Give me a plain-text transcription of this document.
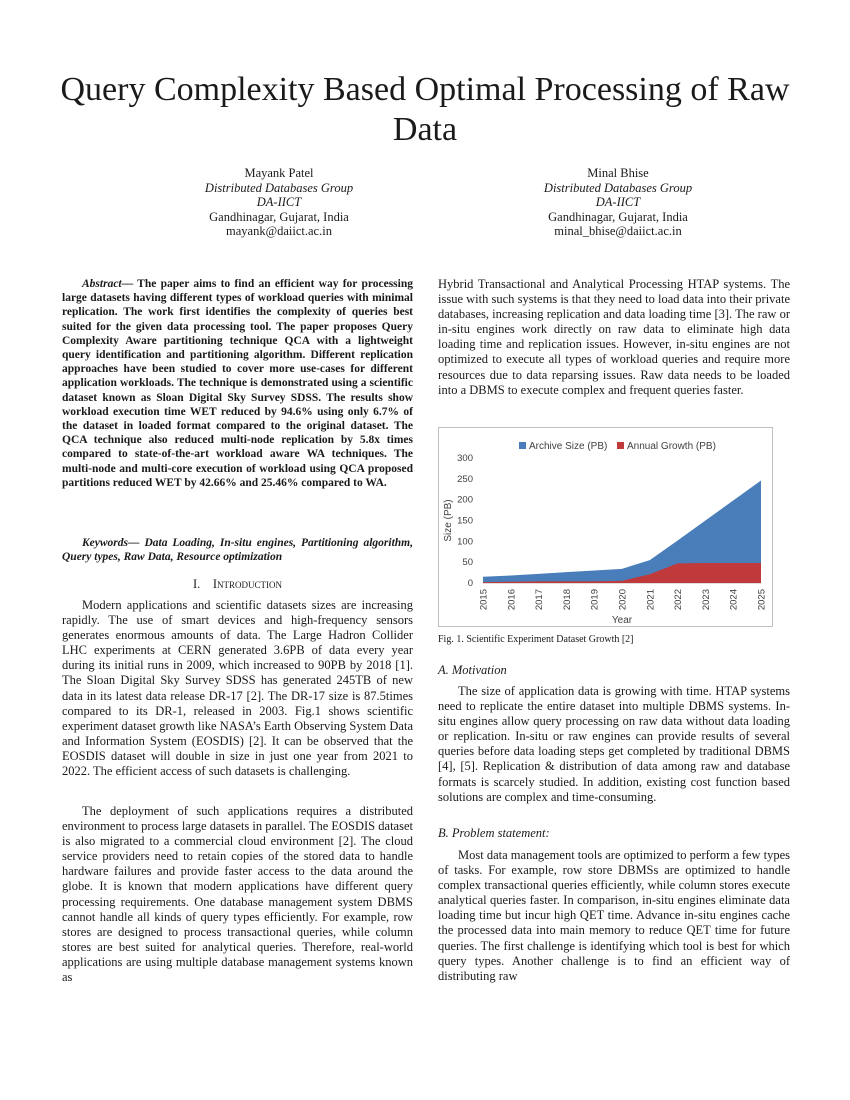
Query Complexity Based Optimal Processing of Raw Data
Mayank Patel
Distributed Databases Group
DA-IICT
Gandhinagar, Gujarat, India
mayank@daiict.ac.in
Minal Bhise
Distributed Databases Group
DA-IICT
Gandhinagar, Gujarat, India
minal_bhise@daiict.ac.in

Abstract— The paper aims to find an efficient way for processing large datasets having different types of workload queries with minimal replication. The work first identifies the complexity of queries best suited for the given data processing tool. The paper proposes Query Complexity Aware partitioning technique QCA with a lightweight query identification and partitioning algorithm. Different replication approaches have been studied to cover more use-cases for different application workloads. The technique is demonstrated using a scientific dataset known as Sloan Digital Sky Survey SDSS. The results show workload execution time WET reduced by 94.6% using only 6.7% of the dataset in loaded format compared to the original dataset. The QCA technique also reduced multi-node replication by 5.8x times compared to state-of-the-art workload aware WA techniques. The multi-node and multi-core execution of workload using QCA proposed partitions reduced WET by 42.66% and 25.46% compared to WA.

Keywords— Data Loading, In-situ engines, Partitioning algorithm, Query types, Raw Data, Resource optimization

I. Introduction

Modern applications and scientific datasets sizes are increasing rapidly. The use of smart devices and high-frequency sensors generates enormous amounts of data. The Large Hadron Collider LHC experiments at CERN generated 3.6PB of data every year during its initial runs in 2009, which increased to 90PB by 2018 [1]. The Sloan Digital Sky Survey SDSS has generated 245TB of new data in its latest data release DR-17 [2]. The DR-17 size is 87.5times compared to its DR-1, released in 2003. Fig.1 shows scientific experiment dataset growth like NASA’s Earth Observing System Data and Information System (EOSDIS) [2]. It can be observed that the EOSDIS dataset will double in size in just one year from 2021 to 2022. The efficient access of such datasets is challenging.

The deployment of such applications requires a distributed environment to process large datasets in parallel. The EOSDIS dataset is also migrated to a commercial cloud environment [2]. The cloud service providers need to retain copies of the stored data to handle hardware failures and provide faster access to the data around the globe. It is known that modern applications have different query processing requirements. One database management system DBMS cannot handle all kinds of query types efficiently. For example, row stores are designed to process transactional queries, while column stores are best suited for analytical queries. Therefore, real-world applications are using multiple database management systems known as

Hybrid Transactional and Analytical Processing HTAP systems. The issue with such systems is that they need to load data into their private databases, increasing replication and data loading time [3]. The raw or in-situ engines work directly on raw data to eliminate high data loading time and replication issues. However, in-situ engines are not optimized to execute all types of workload queries and require more resources due to data reparsing issues. Raw data needs to be loaded into a DBMS to execute complex and frequent queries faster.

0
50
100
150
200
250
300
2015 2016 2017 2018 2019 2020 2021 2022 2023 2024 2025
Year
Size (PB)
Archive Size (PB) Annual Growth (PB)
Fig. 1. Scientific Experiment Dataset Growth [2]
A. Motivation

The size of application data is growing with time. HTAP systems need to replicate the entire dataset into multiple DBMS systems. In-situ engines allow query processing on raw data without data loading or replication. In-situ or raw engines can provide results of several queries before data loading steps get completed by traditional DBMS [4], [5]. Replication & distribution of data among raw and database formats is scarcely studied. In addition, existing cost function based solutions are complex and time-consuming.

B. Problem statement:

Most data management tools are optimized to perform a few types of tasks. For example, row store DBMSs are optimized to handle complex transactional queries efficiently, while column stores execute analytical queries faster. In comparison, in-situ engines eliminate data loading time but incur high QET time. Advance in-situ engines cache the processed data into main memory to reduce QET time for future queries. The first challenge is identifying which tool is best for which query types. Another challenge is to find an efficient way of distributing raw
